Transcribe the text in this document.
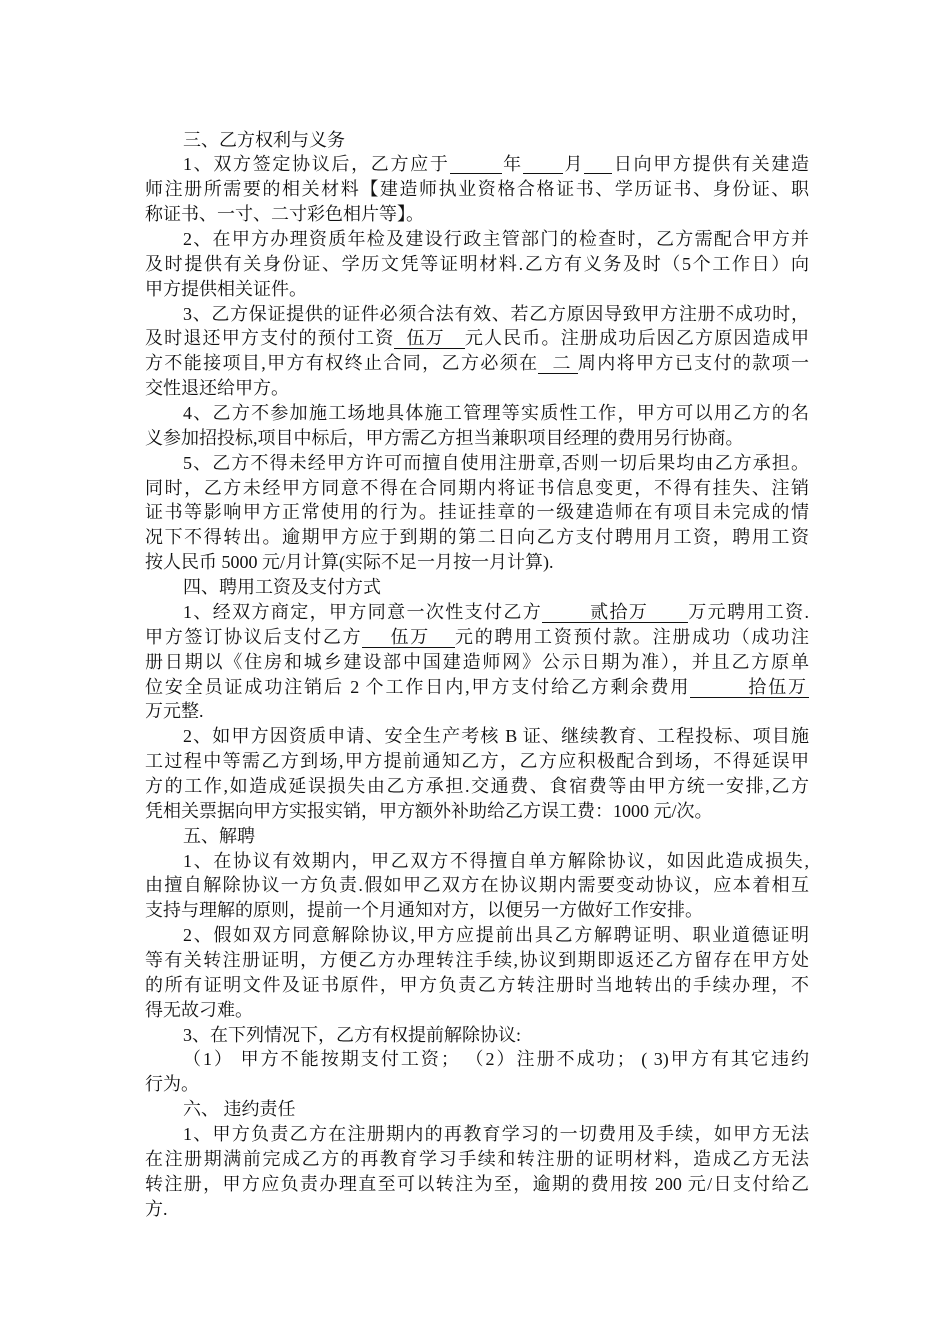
三、乙方权利与义务
1、双方签定协议后，乙方应于	年 月 日向甲方提供有关建造
师注册所需要的相关材料【建造师执业资格合格证书、学历证书、身份证、职
称证书、一寸、二寸彩色相片等】。
2、在甲方办理资质年检及建设行政主管部门的检查时，乙方需配合甲方并
及时提供有关身份证、学历文凭等证明材料.乙方有义务及时（5个工作日）向
甲方提供相关证件。
3、乙方保证提供的证件必须合法有效、若乙方原因导致甲方注册不成功时，
及时退还甲方支付的预付工资 伍万 元人民币。注册成功后因乙方原因造成甲
方不能接项目,甲方有权终止合同，乙方必须在 二 周内将甲方已支付的款项一
交性退还给甲方。
4、乙方不参加施工场地具体施工管理等实质性工作，甲方可以用乙方的名
义参加招投标,项目中标后，甲方需乙方担当兼职项目经理的费用另行协商。
5、乙方不得未经甲方许可而擅自使用注册章,否则一切后果均由乙方承担。
同时，乙方未经甲方同意不得在合同期内将证书信息变更，不得有挂失、注销
证书等影响甲方正常使用的行为。挂证挂章的一级建造师在有项目未完成的情
况下不得转出。逾期甲方应于到期的第二日向乙方支付聘用月工资，聘用工资
按人民币 5000 元/月计算(实际不足一月按一月计算).
四、聘用工资及支付方式
1、经双方商定，甲方同意一次性支付乙方	贰拾万 万元聘用工资.
甲方签订协议后支付乙方 伍万 元的聘用工资预付款。注册成功（成功注
册日期以《住房和城乡建设部中国建造师网》公示日期为准），并且乙方原单
位安全员证成功注销后 2 个工作日内,甲方支付给乙方剩余费用	拾伍万
万元整.
2、如甲方因资质申请、安全生产考核 B 证、继续教育、工程投标、项目施
工过程中等需乙方到场,甲方提前通知乙方，乙方应积极配合到场，不得延误甲
方的工作,如造成延误损失由乙方承担.交通费、食宿费等由甲方统一安排,乙方
凭相关票据向甲方实报实销，甲方额外补助给乙方误工费：1000 元/次。
五、解聘
1、在协议有效期内，甲乙双方不得擅自单方解除协议，如因此造成损失,
由擅自解除协议一方负责.假如甲乙双方在协议期内需要变动协议，应本着相互
支持与理解的原则，提前一个月通知对方，以便另一方做好工作安排。
2、假如双方同意解除协议,甲方应提前出具乙方解聘证明、职业道德证明
等有关转注册证明，方便乙方办理转注手续,协议到期即返还乙方留存在甲方处
的所有证明文件及证书原件，甲方负责乙方转注册时当地转出的手续办理，不
得无故刁难。
3、在下列情况下，乙方有权提前解除协议:
（1） 甲方不能按期支付工资； （2）注册不成功； ( 3)甲方有其它违约
行为。
六、 违约责任
1、甲方负责乙方在注册期内的再教育学习的一切费用及手续，如甲方无法
在注册期满前完成乙方的再教育学习手续和转注册的证明材料，造成乙方无法
转注册，甲方应负责办理直至可以转注为至，逾期的费用按 200 元/日支付给乙
方.
